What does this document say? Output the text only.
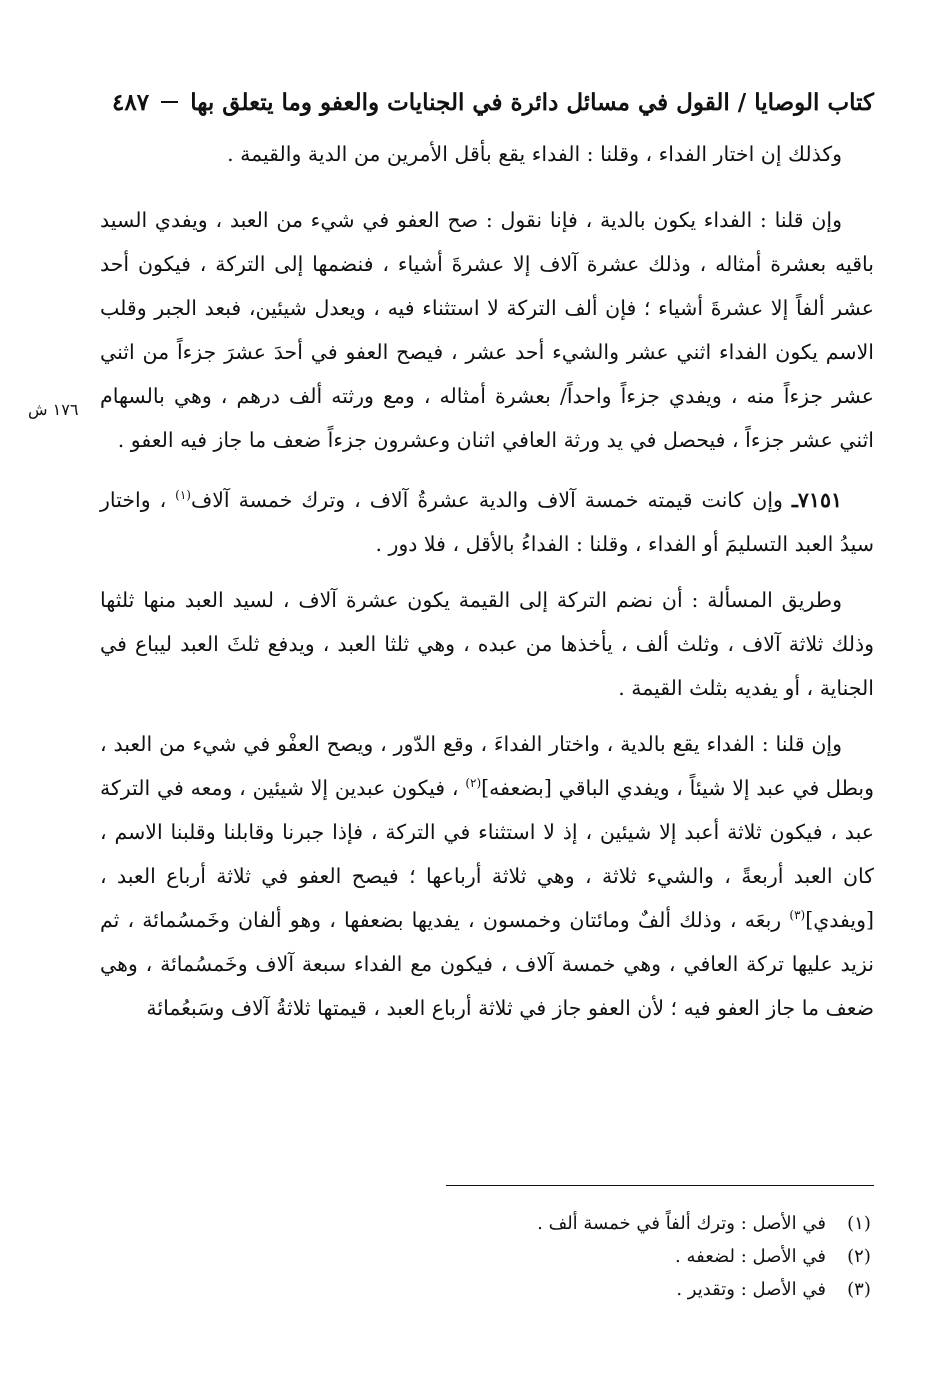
كتاب الوصايا / القول في مسائل دائرة في الجنايات والعفو وما يتعلق بها
٤٨٧
١٧٦ ش

وكذلك إن اختار الفداء ، وقلنا : الفداء يقع بأقل الأمرين من الدية والقيمة .

وإن قلنا : الفداء يكون بالدية ، فإنا نقول : صح العفو في شيء من العبد ، ويفدي السيد باقيه بعشرة أمثاله ، وذلك عشرة آلاف إلا عشرةَ أشياء ، فنضمها إلى التركة ، فيكون أحد عشر ألفاً إلا عشرةَ أشياء ؛ فإن ألف التركة لا استثناء فيه ، ويعدل شيئين، فبعد الجبر وقلب الاسم يكون الفداء اثني عشر والشيء أحد عشر ، فيصح العفو في أحدَ عشرَ جزءاً من اثني عشر جزءاً منه ، ويفدي جزءاً واحداً/ بعشرة أمثاله ، ومع ورثته ألف درهم ، وهي بالسهام اثني عشر جزءاً ، فيحصل في يد ورثة العافي اثنان وعشرون جزءاً ضعف ما جاز فيه العفو .

٧١٥١ـ وإن كانت قيمته خمسة آلاف والدية عشرةُ آلاف ، وترك خمسة آلاف$^{(١)}$ ، واختار سيدُ العبد التسليمَ أو الفداء ، وقلنا : الفداءُ بالأقل ، فلا دور .

وطريق المسألة : أن نضم التركة إلى القيمة يكون عشرة آلاف ، لسيد العبد منها ثلثها وذلك ثلاثة آلاف ، وثلث ألف ، يأخذها من عبده ، وهي ثلثا العبد ، ويدفع ثلثَ العبد ليباع في الجناية ، أو يفديه بثلث القيمة .

وإن قلنا : الفداء يقع بالدية ، واختار الفداءَ ، وقع الدّور ، ويصح العفْو في شيء من العبد ، وبطل في عبد إلا شيئاً ، ويفدي الباقي [بضعفه]$^{(٢)}$ ، فيكون عبدين إلا شيئين ، ومعه في التركة عبد ، فيكون ثلاثة أعبد إلا شيئين ، إذ لا استثناء في التركة ، فإذا جبرنا وقابلنا وقلبنا الاسم ، كان العبد أربعةً ، والشيء ثلاثة ، وهي ثلاثة أرباعها ؛ فيصح العفو في ثلاثة أرباع العبد ، [ويفدي]$^{(٣)}$ ربعَه ، وذلك ألفٌ ومائتان وخمسون ، يفديها بضعفها ، وهو ألفان وخَمسُمائة ، ثم نزيد عليها تركة العافي ، وهي خمسة آلاف ، فيكون مع الفداء سبعة آلاف وخَمسُمائة ، وهي ضعف ما جاز العفو فيه ؛ لأن العفو جاز في ثلاثة أرباع العبد ، قيمتها ثلاثةُ آلاف وسَبعُمائة

(١)
في الأصل : وترك ألفاً في خمسة ألف .
(٢)
في الأصل : لضعفه .
(٣)
في الأصل : وتقدير .
